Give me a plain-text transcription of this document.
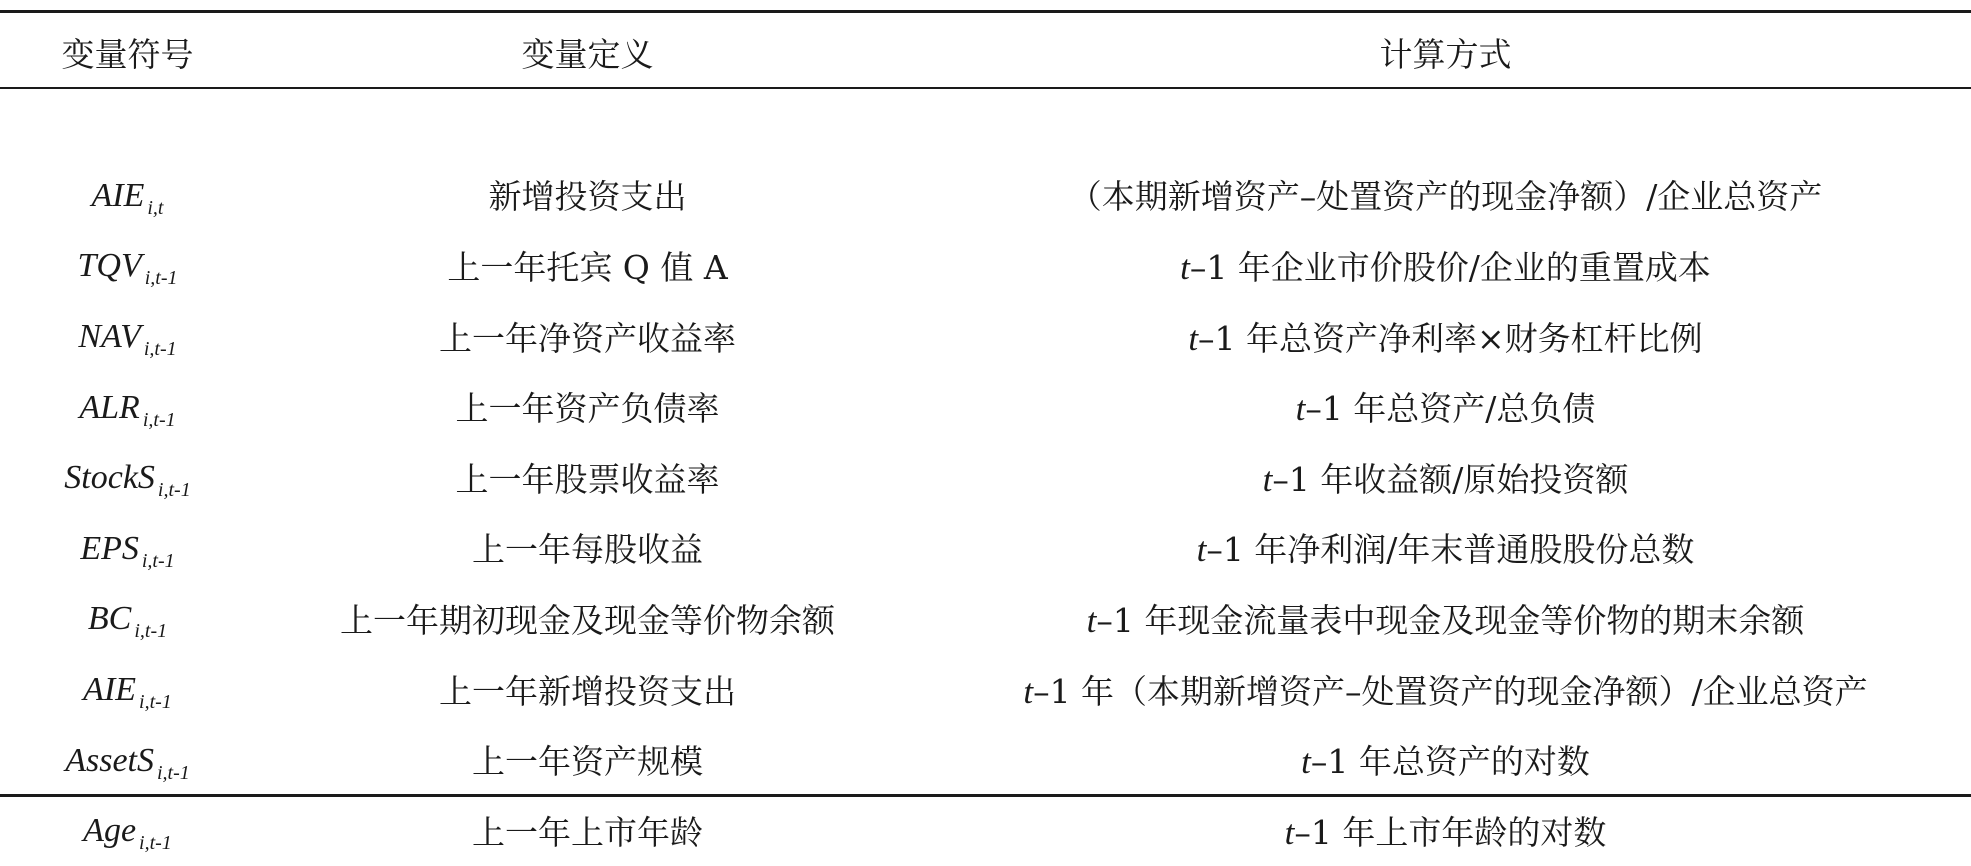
变量符号	变量定义	计算方式

AIE $_{i,t}$	新增投资支出	（本期新增资产–处置资产的现金净额）/企业总资产
TQV $_{i,t-1}$	上一年托宾 Q 值 A	t–1 年企业市价股价/企业的重置成本
NAV $_{i,t-1}$	上一年净资产收益率	t–1 年总资产净利率×财务杠杆比例
ALR $_{i,t-1}$	上一年资产负债率	t–1 年总资产/总负债
StockS $_{i,t-1}$	上一年股票收益率	t–1 年收益额/原始投资额
EPS $_{i,t-1}$	上一年每股收益	t–1 年净利润/年末普通股股份总数
BC $_{i,t-1}$	上一年期初现金及现金等价物余额	t–1 年现金流量表中现金及现金等价物的期末余额
AIE $_{i,t-1}$	上一年新增投资支出	t–1 年（本期新增资产–处置资产的现金净额）/企业总资产
AssetS $_{i,t-1}$	上一年资产规模	t–1 年总资产的对数
Age $_{i,t-1}$	上一年上市年龄	t–1 年上市年龄的对数
